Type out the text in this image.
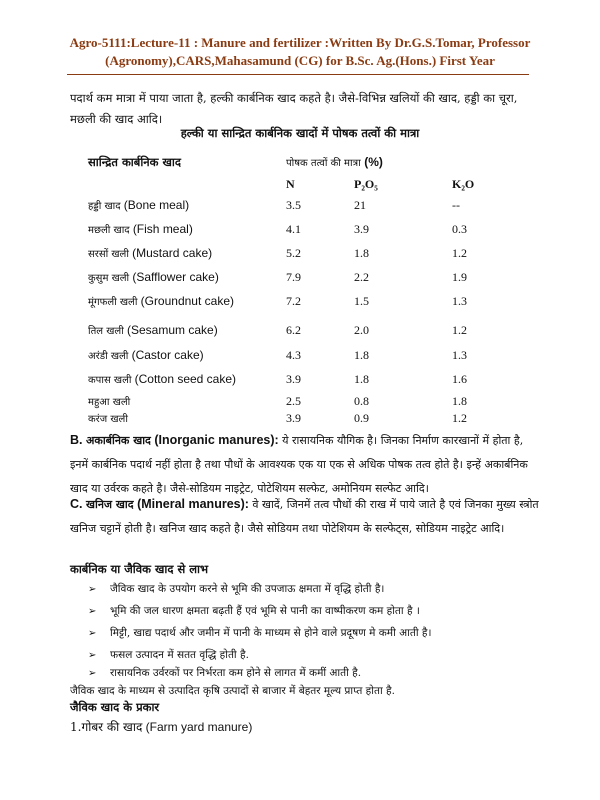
Agro-5111:Lecture-11 : Manure and fertilizer :Written By Dr.G.S.Tomar, Professor
(Agronomy),CARS,Mahasamund (CG) for B.Sc. Ag.(Hons.) First Year
पदार्थ कम मात्रा में पाया जाता है, हल्की कार्बनिक खाद कहते है। जैसे-विभिन्न खलियों की खाद, हड्डी का चूरा, मछली की खाद आदि।
हल्की या सान्द्रित कार्बनिक खादों में पोषक तत्वों की मात्रा
सान्द्रित कार्बनिक खाद	पोषक तत्वों की मात्रा (%)
N	P₂O₅	K₂O
हड्डी खाद (Bone meal)	3.5	21	--
मछली खाद (Fish meal)	4.1	3.9	0.3
सरसों खली (Mustard cake)	5.2	1.8	1.2
कुसुम खली (Safflower cake)	7.9	2.2	1.9
मूंगफली खली (Groundnut cake)	7.2	1.5	1.3
तिल खली (Sesamum cake)	6.2	2.0	1.2
अरंडी खली (Castor cake)	4.3	1.8	1.3
कपास खली (Cotton seed cake)	3.9	1.8	1.6
महुआ खली	2.5	0.8	1.8
करंज खली	3.9	0.9	1.2
B. अकार्बनिक खाद (Inorganic manures): ये रासायनिक यौगिक है। जिनका निर्माण कारखानों में होता है, इनमें कार्बनिक पदार्थ नहीं होता है तथा पौधों के आवश्यक एक या एक से अधिक पोषक तत्व होते है। इन्हें अकार्बनिक खाद या उर्वरक कहते है। जैसे-सोडियम नाइट्रेट, पोटेशियम सल्फेट, अमोनियम सल्फेट आदि।
C. खनिज खाद (Mineral manures): वे खादें, जिनमें तत्व पौधों की राख में पाये जाते है एवं जिनका मुख्य स्त्रोत खनिज चट्टानें होती है। खनिज खाद कहते है। जैसे सोडियम तथा पोटेशियम के सल्फेट्स, सोडियम नाइट्रेट आदि।
कार्बनिक या जैविक खाद से लाभ
➢ जैविक खाद के उपयोग करने से भूमि की उपजाऊ क्षमता में वृद्धि होती है।
➢ भूमि की जल धारण क्षमता बढ़ती हैं एवं भूमि से पानी का वाष्पीकरण कम होता है ।
➢ मिट्टी, खाद्य पदार्थ और जमीन में पानी के माध्यम से होने वाले प्रदूषण मे कमी आती है।
➢ फसल उत्पादन में सतत वृद्धि होती है.
➢ रासायनिक उर्वरकों पर निर्भरता कम होने से लागत में कमीं आती है.
जैविक खाद के माध्यम से उत्पादित कृषि उत्पादों से बाजार में बेहतर मूल्य प्राप्त होता है.
जैविक खाद के प्रकार
1.गोबर की खाद (Farm yard manure)
